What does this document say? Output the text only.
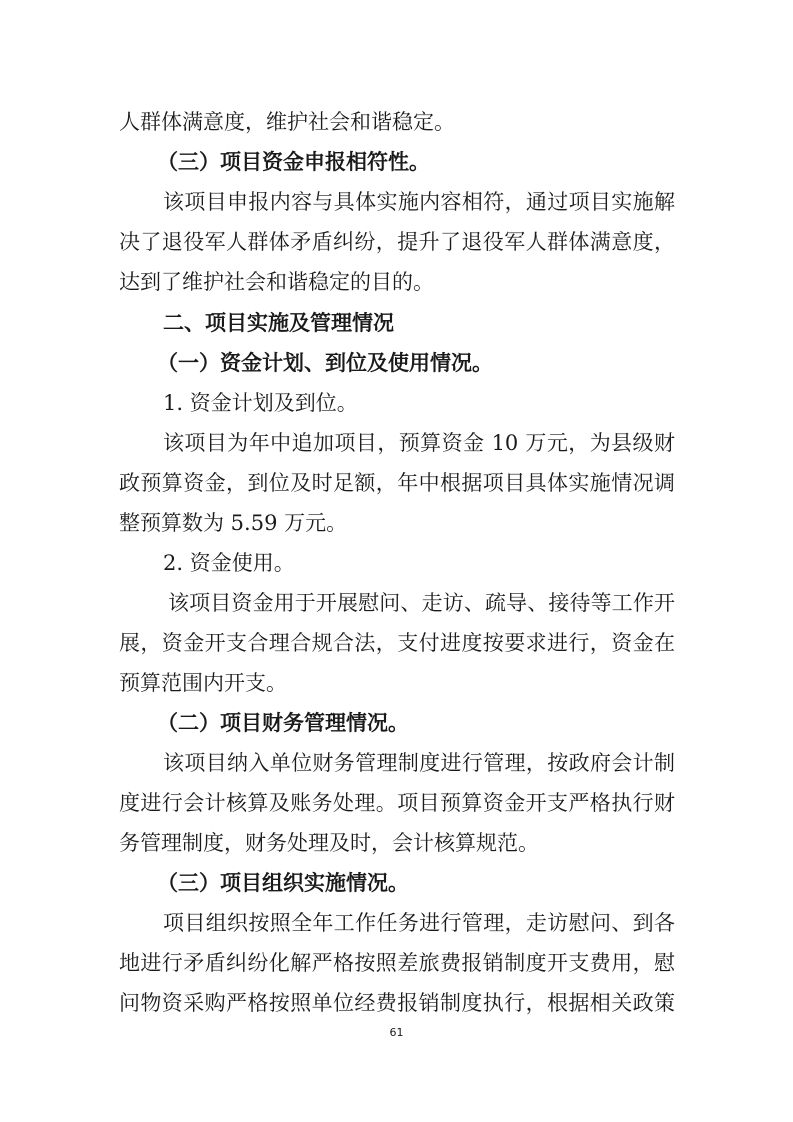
人群体满意度，维护社会和谐稳定。

（三）项目资金申报相符性。

该项目申报内容与具体实施内容相符，通过项目实施解

决了退役军人群体矛盾纠纷，提升了退役军人群体满意度，

达到了维护社会和谐稳定的目的。

二、项目实施及管理情况

（一）资金计划、到位及使用情况。

1. 资金计划及到位。

该项目为年中追加项目，预算资金 10 万元，为县级财

政预算资金，到位及时足额，年中根据项目具体实施情况调

整预算数为 5.59 万元。

2. 资金使用。

该项目资金用于开展慰问、走访、疏导、接待等工作开

展，资金开支合理合规合法，支付进度按要求进行，资金在

预算范围内开支。

（二）项目财务管理情况。

该项目纳入单位财务管理制度进行管理，按政府会计制

度进行会计核算及账务处理。项目预算资金开支严格执行财

务管理制度，财务处理及时，会计核算规范。

（三）项目组织实施情况。

项目组织按照全年工作任务进行管理，走访慰问、到各

地进行矛盾纠纷化解严格按照差旅费报销制度开支费用，慰

问物资采购严格按照单位经费报销制度执行，根据相关政策

61
